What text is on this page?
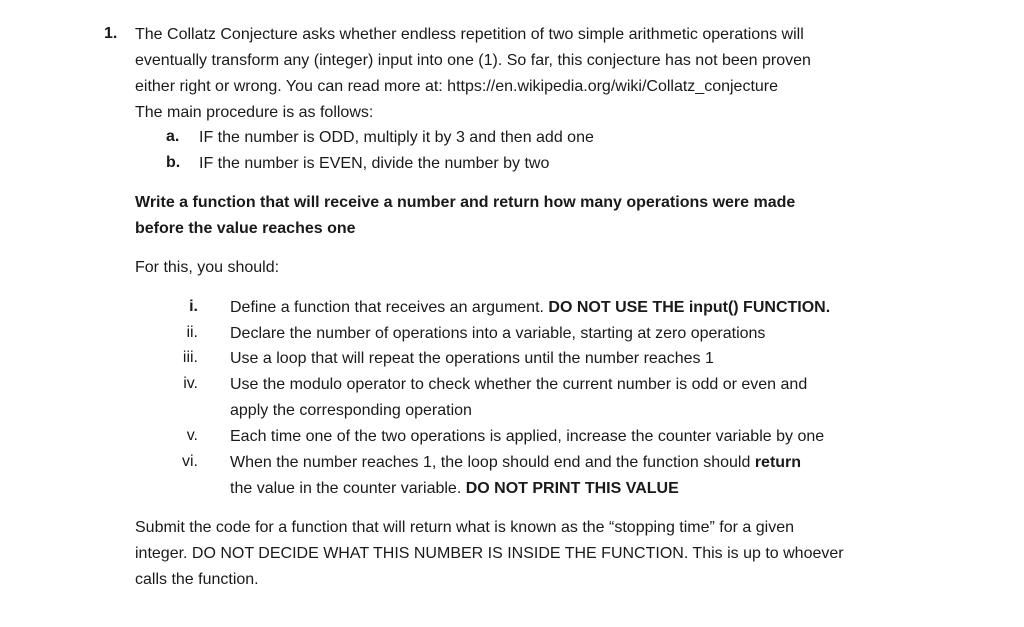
1. The Collatz Conjecture asks whether endless repetition of two simple arithmetic operations will
eventually transform any (integer) input into one (1). So far, this conjecture has not been proven
either right or wrong. You can read more at: https://en.wikipedia.org/wiki/Collatz_conjecture
The main procedure is as follows:
a. IF the number is ODD, multiply it by 3 and then add one
b. IF the number is EVEN, divide the number by two
Write a function that will receive a number and return how many operations were made
before the value reaches one
For this, you should:
i. Define a function that receives an argument. DO NOT USE THE input() FUNCTION.
ii. Declare the number of operations into a variable, starting at zero operations
iii. Use a loop that will repeat the operations until the number reaches 1
iv. Use the modulo operator to check whether the current number is odd or even and
apply the corresponding operation
v. Each time one of the two operations is applied, increase the counter variable by one
vi. When the number reaches 1, the loop should end and the function should return
the value in the counter variable. DO NOT PRINT THIS VALUE
Submit the code for a function that will return what is known as the “stopping time” for a given
integer. DO NOT DECIDE WHAT THIS NUMBER IS INSIDE THE FUNCTION. This is up to whoever
calls the function.
